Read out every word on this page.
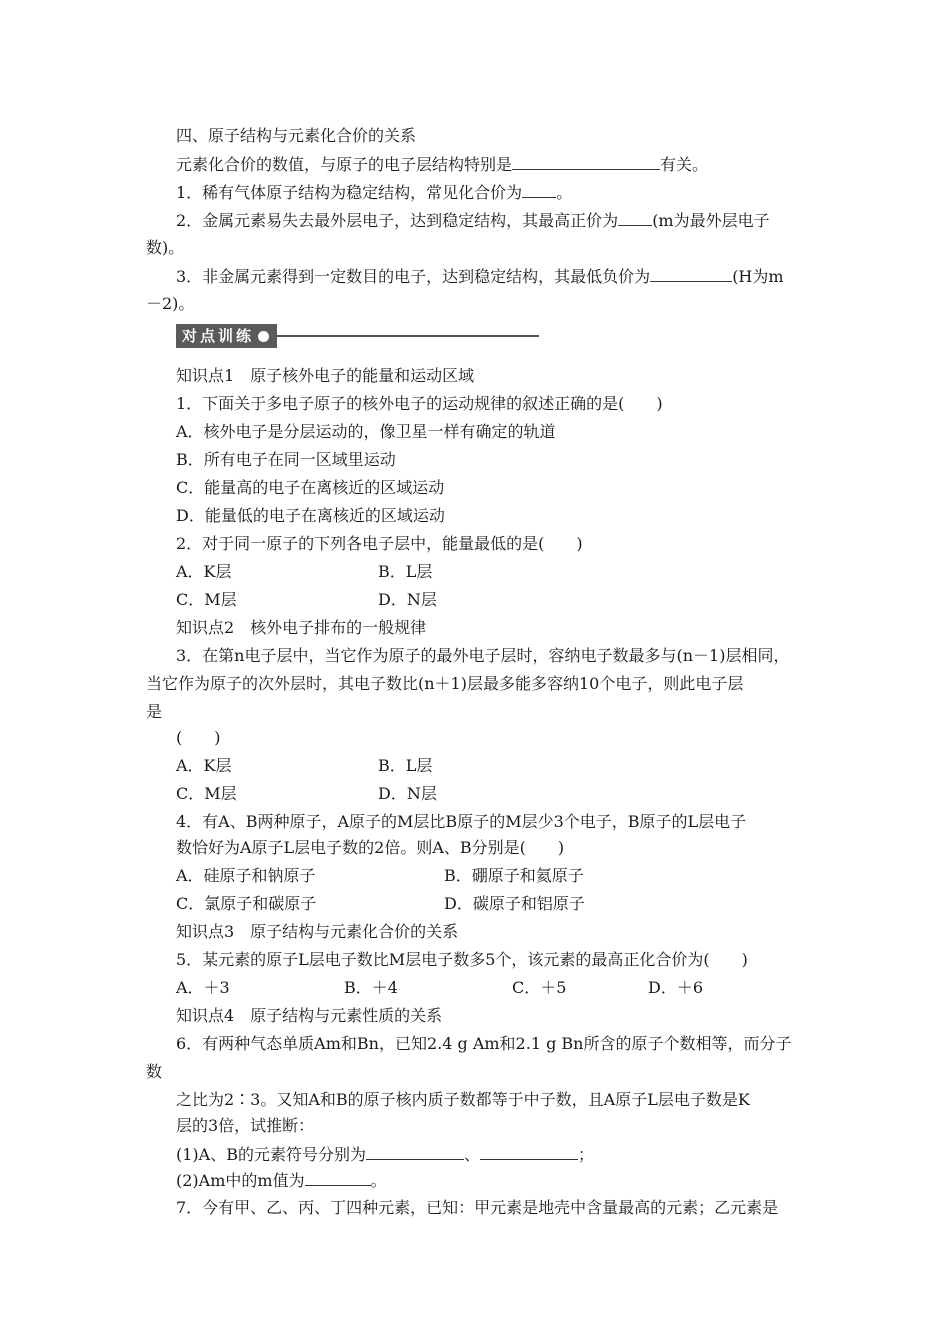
四、原子结构与元素化合价的关系
元素化合价的数值，与原子的电子层结构特别是	有关。
1．稀有气体原子结构为稳定结构，常见化合价为 。
2．金属元素易失去最外层电子，达到稳定结构，其最高正价为 (m为最外层电子
数)。
3．非金属元素得到一定数目的电子，达到稳定结构，其最低负价为	(H为m
－2)。
对点训练
知识点1　原子核外电子的能量和运动区域
1．下面关于多电子原子的核外电子的运动规律的叙述正确的是(　　)
A．核外电子是分层运动的，像卫星一样有确定的轨道
B．所有电子在同一区域里运动
C．能量高的电子在离核近的区域运动
D．能量低的电子在离核近的区域运动
2．对于同一原子的下列各电子层中，能量最低的是(　　)
A．K层	B．L层
C．M层	D．N层
知识点2　核外电子排布的一般规律
3．在第n电子层中，当它作为原子的最外电子层时，容纳电子数最多与(n－1)层相同，
当它作为原子的次外层时，其电子数比(n＋1)层最多能多容纳10个电子，则此电子层
是
(　　)
A．K层	B．L层
C．M层	D．N层
4．有A、B两种原子，A原子的M层比B原子的M层少3个电子，B原子的L层电子
数恰好为A原子L层电子数的2倍。则A、B分别是(　　)
A．硅原子和钠原子	B．硼原子和氦原子
C．氯原子和碳原子	D．碳原子和铝原子
知识点3　原子结构与元素化合价的关系
5．某元素的原子L层电子数比M层电子数多5个，该元素的最高正化合价为(　　)
A．＋3	B．＋4	C．＋5	D．＋6
知识点4　原子结构与元素性质的关系
6．有两种气态单质Am和Bn，已知2.4 g Am和2.1 g Bn所含的原子个数相等，而分子
数
之比为2∶3。又知A和B的原子核内质子数都等于中子数，且A原子L层电子数是K
层的3倍，试推断：
(1)A、B的元素符号分别为	、	；
(2)Am中的m值为	。
7．今有甲、乙、丙、丁四种元素，已知：甲元素是地壳中含量最高的元素；乙元素是
